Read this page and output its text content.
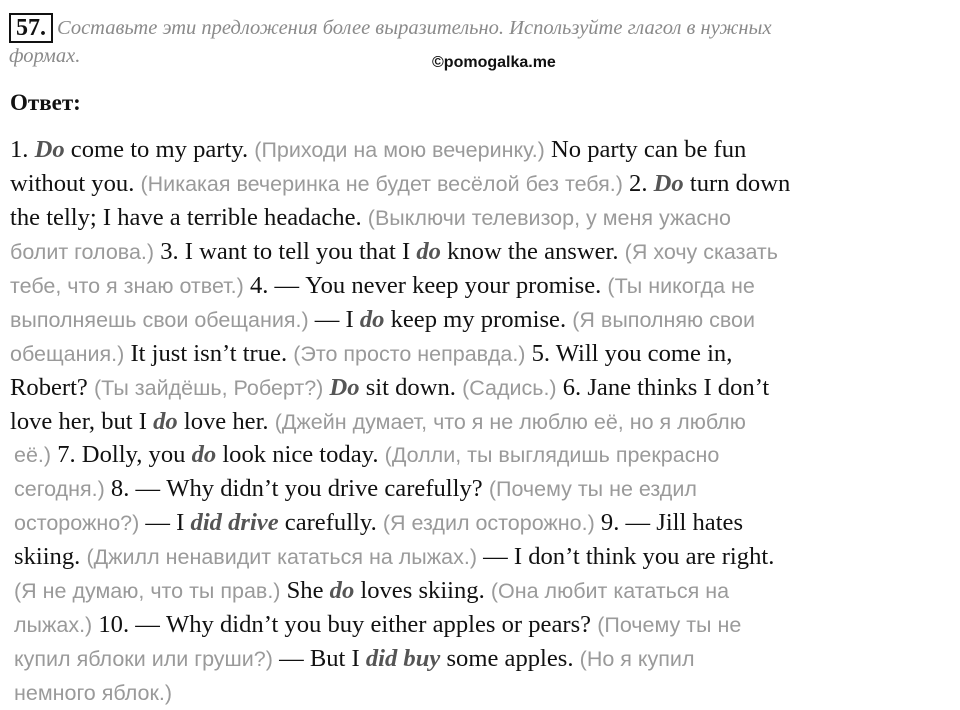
57. Составьте эти предложения более выразительно. Используйте глагол в нужных
формах.	©pomogalka.me
Ответ:
1. Do come to my party. (Приходи на мою вечеринку.) No party can be fun
without you. (Никакая вечеринка не будет весёлой без тебя.) 2. Do turn down
the telly; I have a terrible headache. (Выключи телевизор, у меня ужасно
болит голова.) 3. I want to tell you that I do know the answer. (Я хочу сказать
тебе, что я знаю ответ.) 4. — You never keep your promise. (Ты никогда не
выполняешь свои обещания.) — I do keep my promise. (Я выполняю свои
обещания.) It just isn’t true. (Это просто неправда.) 5. Will you come in,
Robert? (Ты зайдёшь, Роберт?) Do sit down. (Садись.) 6. Jane thinks I don’t
love her, but I do love her. (Джейн думает, что я не люблю её, но я люблю
её.) 7. Dolly, you do look nice today. (Долли, ты выглядишь прекрасно
сегодня.) 8. — Why didn’t you drive carefully? (Почему ты не ездил
осторожно?) — I did drive carefully. (Я ездил осторожно.) 9. — Jill hates
skiing. (Джилл ненавидит кататься на лыжах.) — I don’t think you are right.
(Я не думаю, что ты прав.) She do loves skiing. (Она любит кататься на
лыжах.) 10. — Why didn’t you buy either apples or pears? (Почему ты не
купил яблоки или груши?) — But I did buy some apples. (Но я купил
немного яблок.)
